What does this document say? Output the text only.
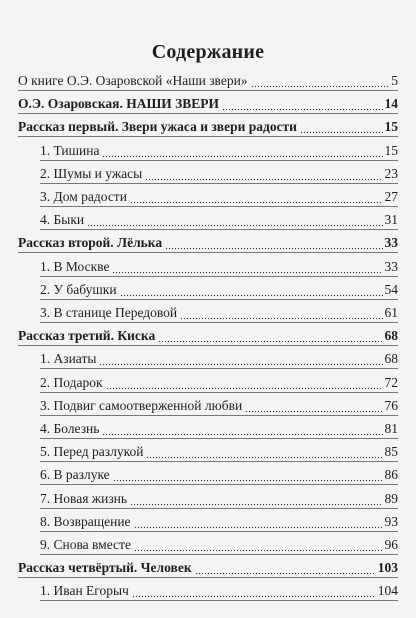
Содержание
О книге О.Э. Озаровской «Наши звери»	5
О.Э. Озаровская. НАШИ ЗВЕРИ	14
Рассказ первый. Звери ужаса и звери радости	15
1. Тишина	15
2. Шумы и ужасы	23
3. Дом радости	27
4. Быки	31
Рассказ второй. Лёлька	33
1. В Москве	33
2. У бабушки	54
3. В станице Передовой	61
Рассказ третий. Киска	68
1. Азиаты	68
2. Подарок	72
3. Подвиг самоотверженной любви	76
4. Болезнь	81
5. Перед разлукой	85
6. В разлуке	86
7. Новая жизнь	89
8. Возвращение	93
9. Снова вместе	96
Рассказ четвёртый. Человек	103
1. Иван Егорыч	104
